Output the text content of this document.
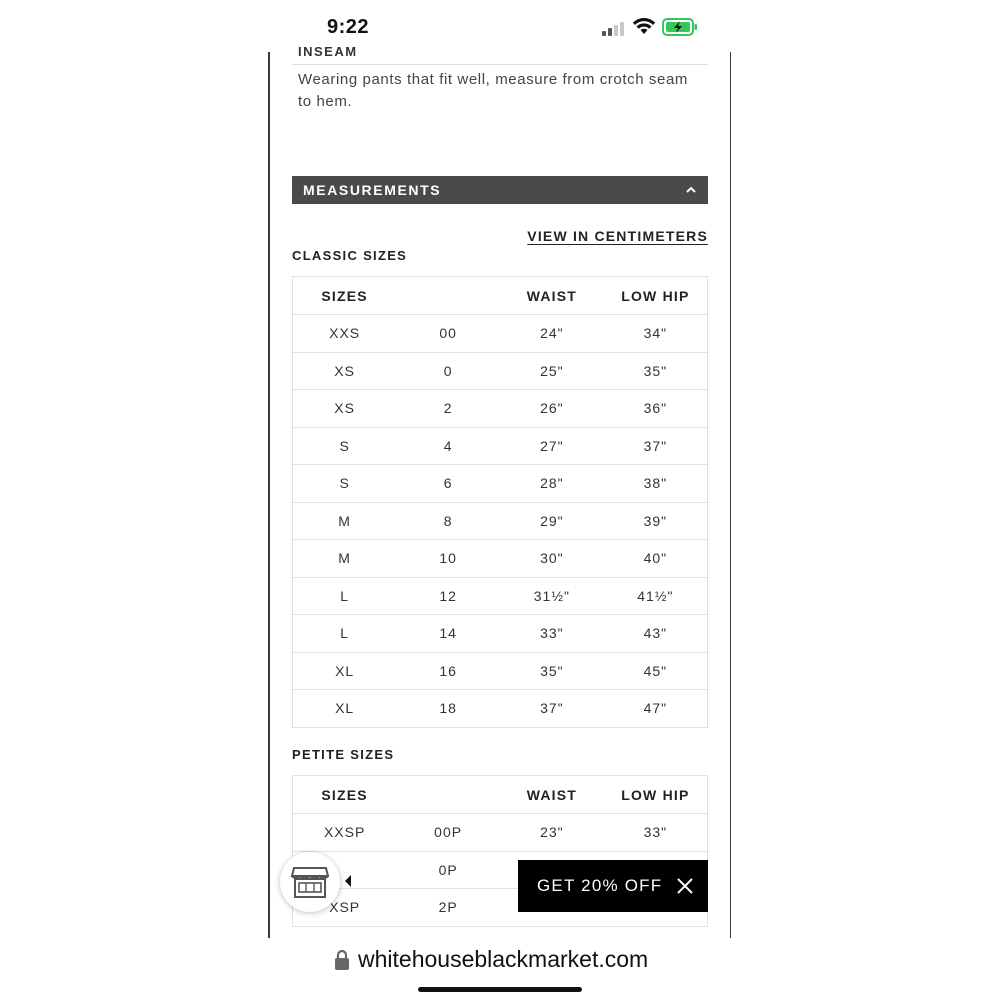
9:22
INSEAM
Wearing pants that fit well, measure from crotch seam to hem.
MEASUREMENTS
VIEW IN CENTIMETERS
CLASSIC SIZES
SIZES		WAIST	LOW HIP
XXS	00	24"	34"
XS	0	25"	35"
XS	2	26"	36"
S	4	27"	37"
S	6	28"	38"
M	8	29"	39"
M	10	30"	40"
L	12	31½"	41½"
L	14	33"	43"
XL	16	35"	45"
XL	18	37"	47"
PETITE SIZES
SIZES		WAIST	LOW HIP
XXSP	00P	23"	33"
	0P		
XSP	2P		
GET 20% OFF
whitehouseblackmarket.com
